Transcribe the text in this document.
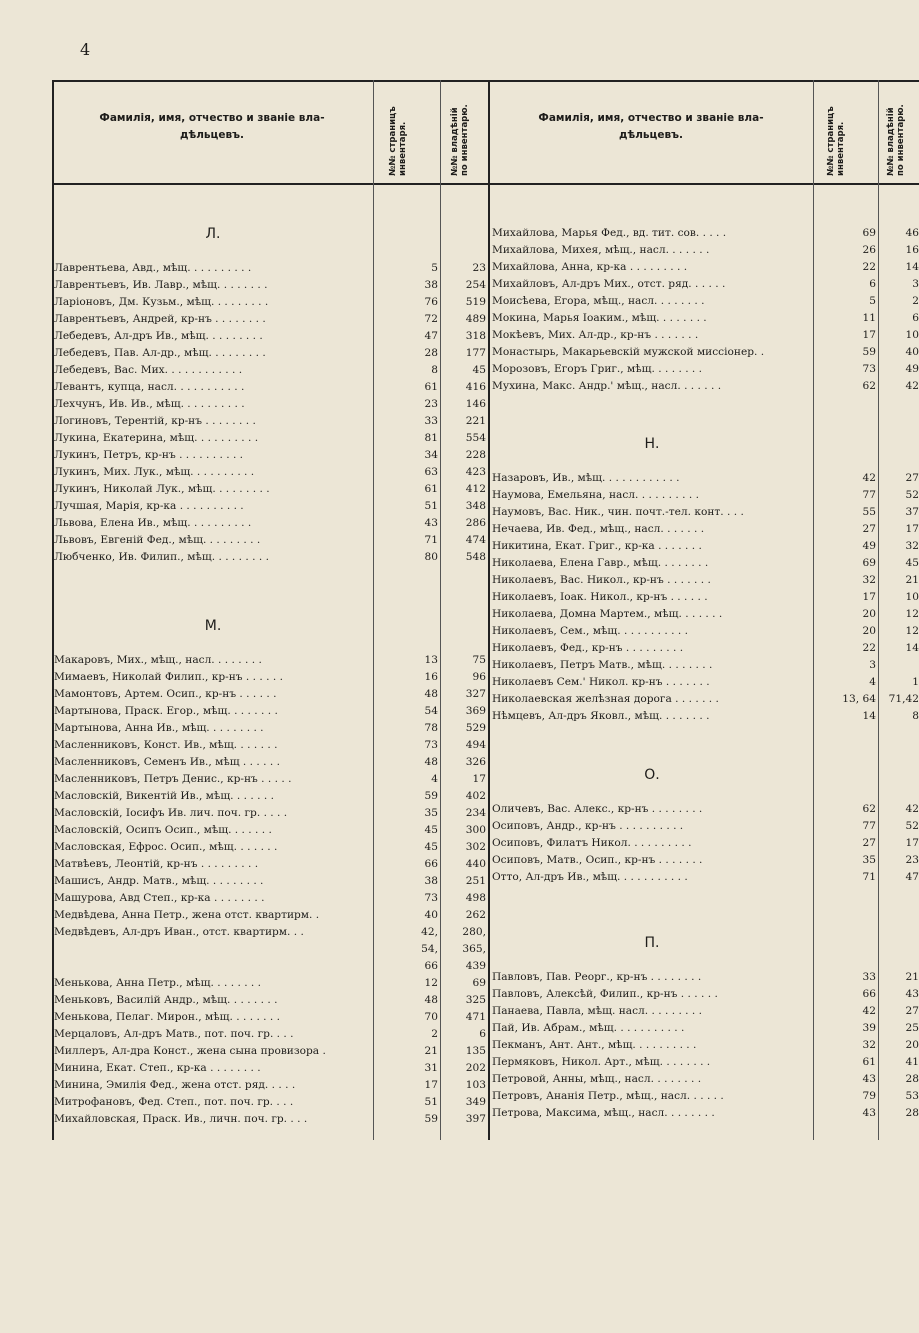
4
Фамилія, имя, отчество и званіе вла-
дѣльцевъ.	№№ страницъ инвентаря.	№№ владѣній по инвентарю.	Фамилія, имя, отчество и званіе вла-
дѣльцевъ.	№№ страницъ инвентаря.	№№ владѣній по инвентарю.
Л.
Лаврентьева, Авд., мѣщ. . . . . . . . . .	5	23
Лаврентьевъ, Ив. Лавр., мѣщ. . . . . . . .	38	254
Ларіоновъ, Дм. Кузьм., мѣщ. . . . . . . . .	76	519
Лаврентьевъ, Андрей, кр-нъ . . . . . . . .	72	489
Лебедевъ, Ал-дръ Ив., мѣщ. . . . . . . . .	47	318
Лебедевъ, Пав. Ал-др., мѣщ. . . . . . . . .	28	177
Лебедевъ, Вас. Мих. . . . . . . . . . . .	8	45
Левантъ, купца, насл. . . . . . . . . . .	61	416
Лехчунъ, Ив. Ив., мѣщ. . . . . . . . . .	23	146
Логиновъ, Терентій, кр-нъ . . . . . . . .	33	221
Лукина, Екатерина, мѣщ. . . . . . . . . .	81	554
Лукинъ, Петръ, кр-нъ . . . . . . . . . .	34	228
Лукинъ, Мих. Лук., мѣщ. . . . . . . . . .	63	423
Лукинъ, Николай Лук., мѣщ. . . . . . . . .	61	412
Лучшая, Марія, кр-ка . . . . . . . . . .	51	348
Львова, Елена Ив., мѣщ. . . . . . . . . .	43	286
Львовъ, Евгеній Фед., мѣщ. . . . . . . . .	71	474
Любченко, Ив. Филип., мѣщ. . . . . . . . .	80	548
М.
Макаровъ, Мих., мѣщ., насл. . . . . . . .	13	75
Мимаевъ, Николай Филип., кр-нъ . . . . . .	16	96
Мамонтовъ, Артем. Осип., кр-нъ . . . . . .	48	327
Мартынова, Праск. Егор., мѣщ. . . . . . . .	54	369
Мартынова, Анна Ив., мѣщ. . . . . . . . .	78	529
Масленниковъ, Конст. Ив., мѣщ. . . . . . .	73	494
Масленниковъ, Семенъ Ив., мѣщ . . . . . .	48	326
Масленниковъ, Петръ Денис., кр-нъ . . . . .	4	17
Масловскій, Викентій Ив., мѣщ. . . . . . .	59	402
Масловскій, Іосифъ Ив. лич. поч. гр. . . . .	35	234
Масловскій, Осипъ Осип., мѣщ. . . . . . .	45	300
Масловская, Ефрос. Осип., мѣщ. . . . . . .	45	302
Матвѣевъ, Леонтій, кр-нъ . . . . . . . . .	66	440
Машисъ, Андр. Матв., мѣщ. . . . . . . . .	38	251
Машурова, Авд Степ., кр-ка . . . . . . . .	73	498
Медвѣдева, Анна Петр., жена отст. квартирм. .	40	262
Медвѣдевъ, Ал-дръ Иван., отст. квартирм. . .	42,	280,
54,	365,
66	439
Менькова, Анна Петр., мѣщ. . . . . . . .	12	69
Меньковъ, Василій Андр., мѣщ. . . . . . . .	48	325
Менькова, Пелаг. Мирон., мѣщ. . . . . . . .	70	471
Мерцаловъ, Ал-дръ Матв., пот. поч. гр. . . .	2	6
Миллеръ, Ал-дра Конст., жена сына провизора .	21	135
Минина, Екат. Степ., кр-ка . . . . . . . .	31	202
Минина, Эмилія Фед., жена отст. ряд. . . . .	17	103
Митрофановъ, Фед. Степ., пот. поч. гр. . . .	51	349
Михайловская, Праск. Ив., личн. поч. гр. . . .	59	397
Михайлова, Марья Фед., вд. тит. сов. . . . .	69	46
Михайлова, Михея, мѣщ., насл. . . . . . .	26	16
Михайлова, Анна, кр-ка . . . . . . . . .	22	14
Михайловъ, Ал-дръ Мих., отст. ряд. . . . . .	6	3
Моисѣева, Егора, мѣщ., насл. . . . . . . .	5	2
Мокина, Марья Іоаким., мѣщ. . . . . . . .	11	6
Мокѣевъ, Мих. Ал-др., кр-нъ . . . . . . .	17	10
Монастырь, Макарьевскій мужской миссіонер. .	59	40
Морозовъ, Егоръ Григ., мѣщ. . . . . . . .	73	49
Мухина, Макс. Андр.' мѣщ., насл. . . . . . .	62	42
Н.
Назаровъ, Ив., мѣщ. . . . . . . . . . . .	42	27
Наумова, Емельяна, насл. . . . . . . . . .	77	52
Наумовъ, Вас. Ник., чин. почт.-тел. конт. . . .	55	37
Нечаева, Ив. Фед., мѣщ., насл. . . . . . .	27	17
Никитина, Екат. Григ., кр-ка . . . . . . .	49	32
Николаева, Елена Гавр., мѣщ. . . . . . . .	69	45
Николаевъ, Вас. Никол., кр-нъ . . . . . . .	32	21
Николаевъ, Іоак. Никол., кр-нъ . . . . . .	17	10
Николаева, Домна Мартем., мѣщ. . . . . . .	20	12
Николаевъ, Сем., мѣщ. . . . . . . . . . .	20	12
Николаевъ, Фед., кр-нъ . . . . . . . . .	22	14
Николаевъ, Петръ Матв., мѣщ. . . . . . . .	3
Николаевъ Сем.' Никол. кр-нъ . . . . . . .	4	1
Николаевская желѣзная дорога . . . . . . .	13, 64	71,42
Нѣмцевъ, Ал-дръ Яковл., мѣщ. . . . . . . .	14	8
О.
Оличевъ, Вас. Алекс., кр-нъ . . . . . . . .	62	42
Осиповъ, Андр., кр-нъ . . . . . . . . . .	77	52
Осиповъ, Филатъ Никол. . . . . . . . . .	27	17
Осиповъ, Матв., Осип., кр-нъ . . . . . . .	35	23
Отто, Ал-дръ Ив., мѣщ. . . . . . . . . . .	71	47
П.
Павловъ, Пав. Реорг., кр-нъ . . . . . . . .	33	21
Павловъ, Алексѣй, Филип., кр-нъ . . . . . .	66	43
Панаева, Павла, мѣщ. насл. . . . . . . . .	42	27
Пай, Ив. Абрам., мѣщ. . . . . . . . . . .	39	25
Пекманъ, Ант. Ант., мѣщ. . . . . . . . . .	32	20
Пермяковъ, Никол. Арт., мѣщ. . . . . . . .	61	41
Петровой, Анны, мѣщ., насл. . . . . . . .	43	28
Петровъ, Ананія Петр., мѣщ., насл. . . . . .	79	53
Петрова, Максима, мѣщ., насл. . . . . . . .	43	28
